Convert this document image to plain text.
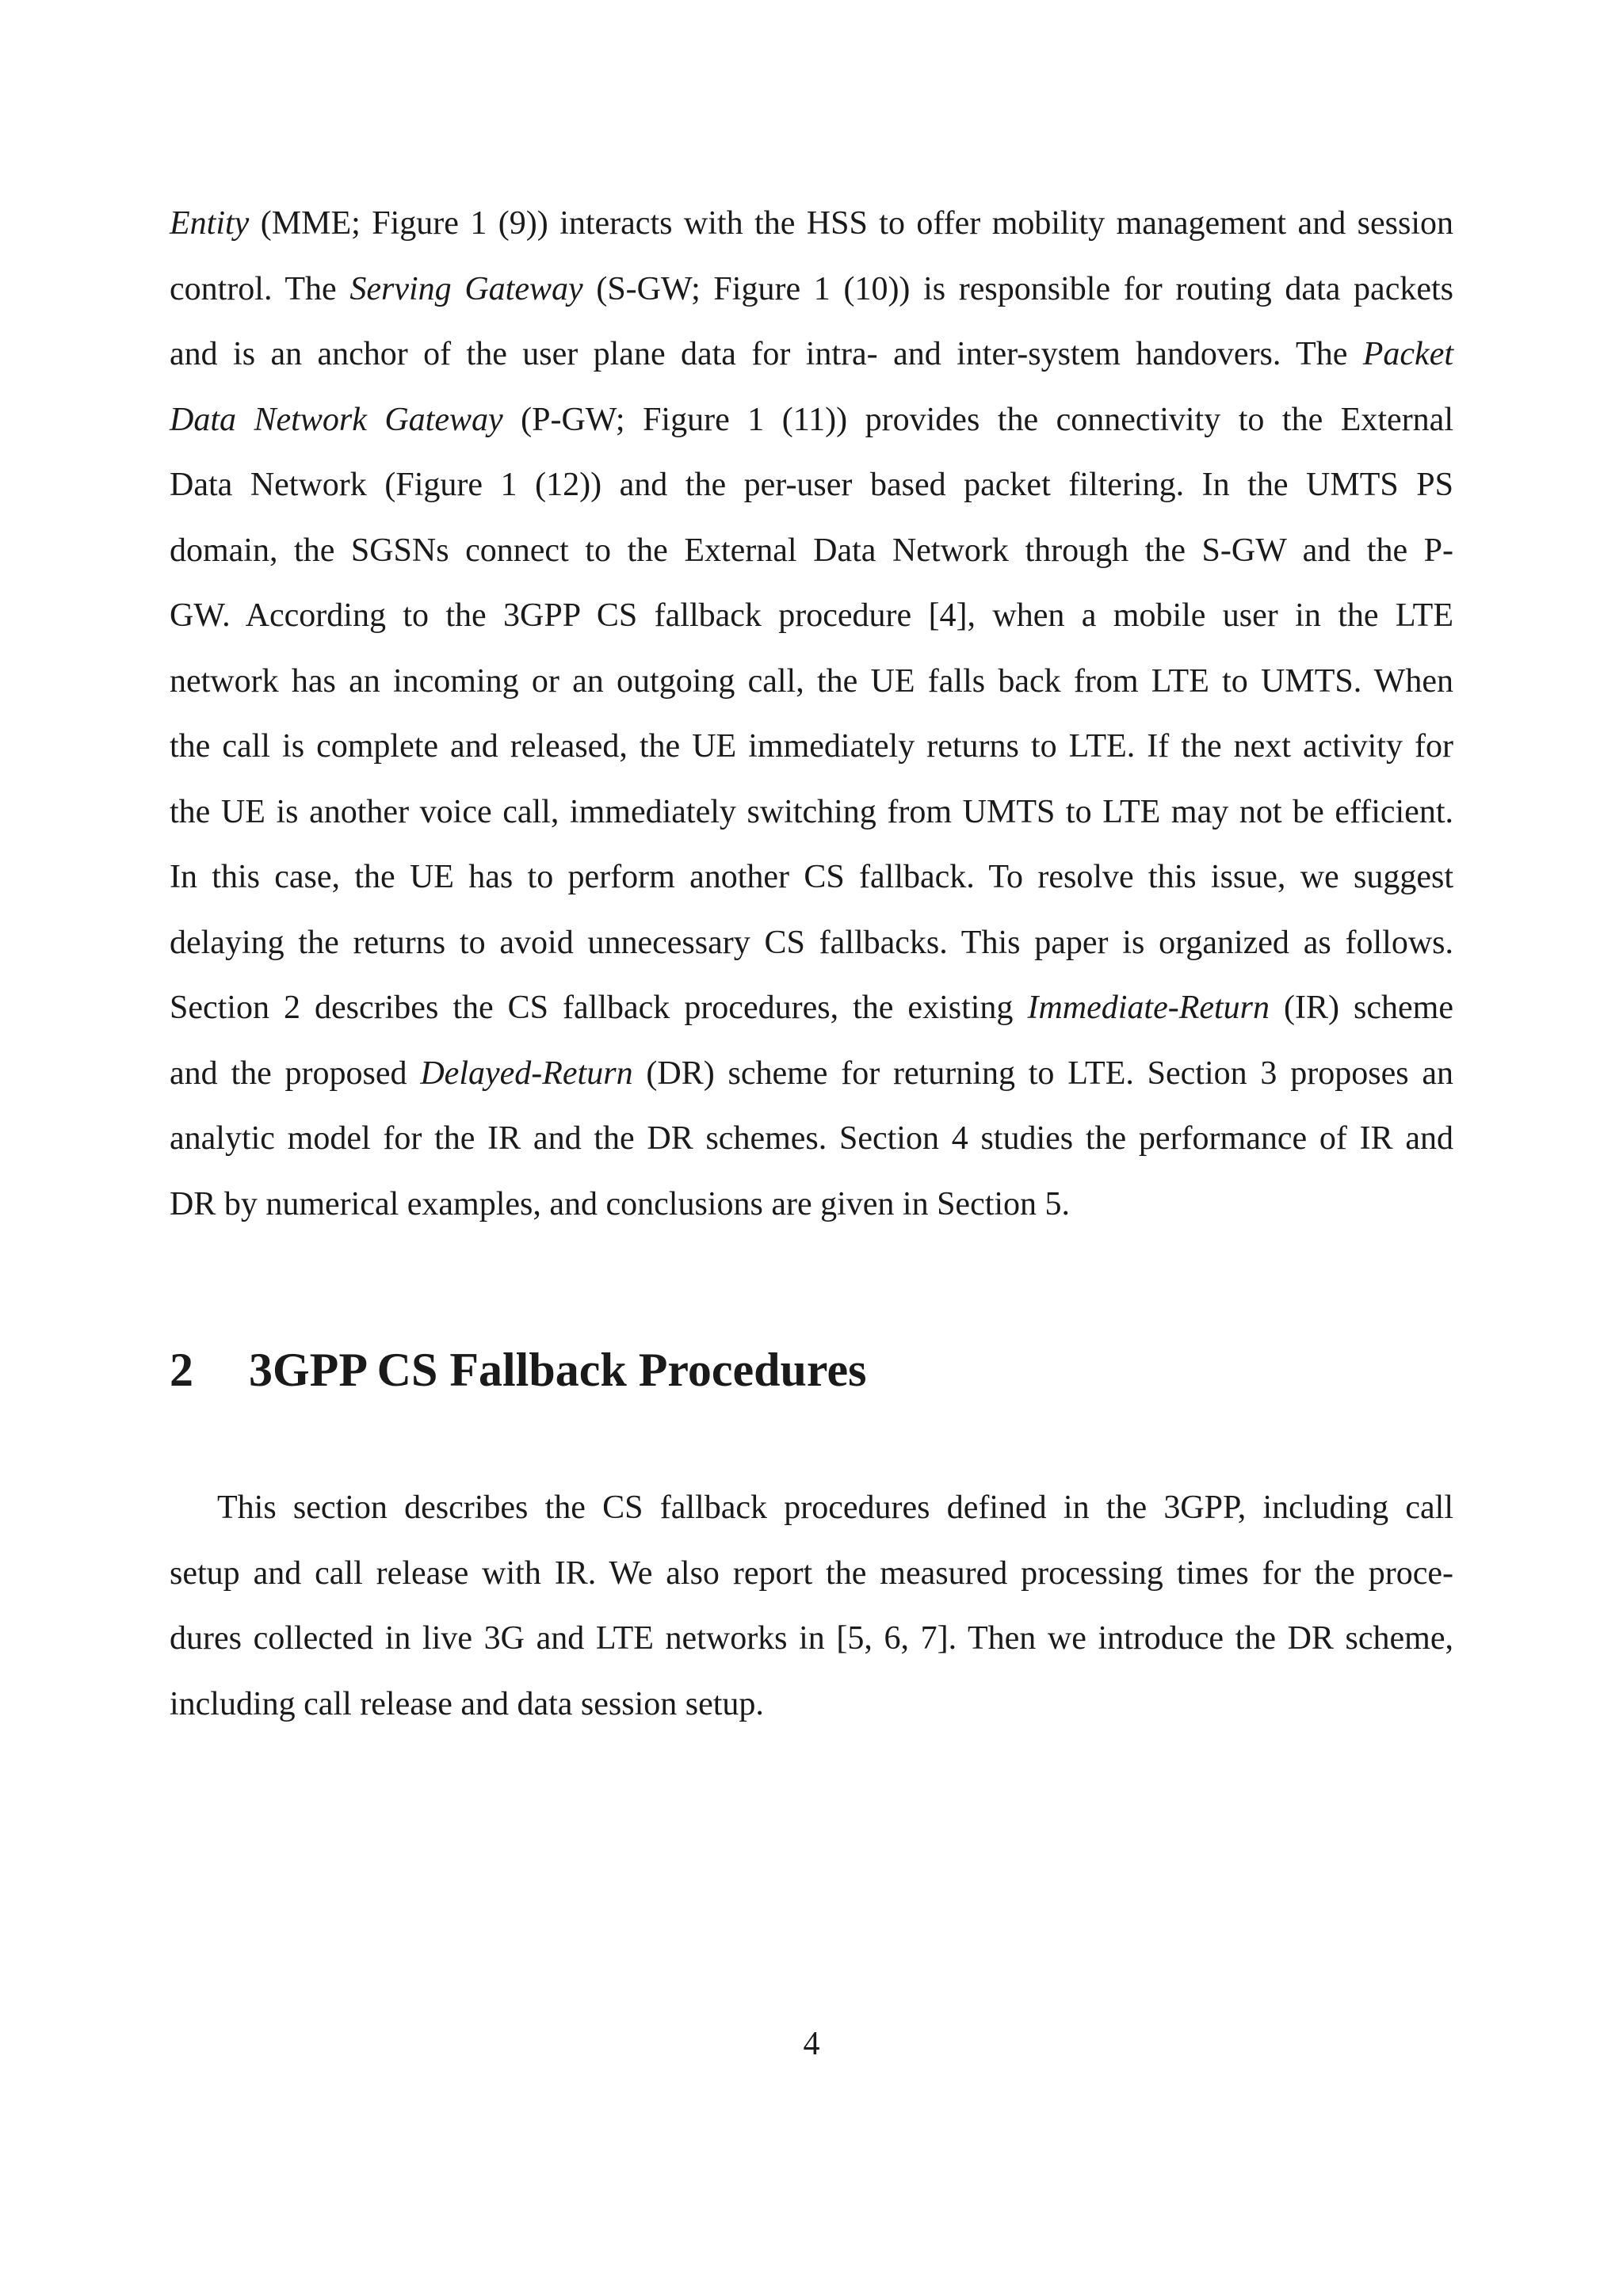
Entity (MME; Figure 1 (9)) interacts with the HSS to offer mobility management and session
control. The Serving Gateway (S-GW; Figure 1 (10)) is responsible for routing data packets
and is an anchor of the user plane data for intra- and inter-system handovers. The Packet
Data Network Gateway (P-GW; Figure 1 (11)) provides the connectivity to the External
Data Network (Figure 1 (12)) and the per-user based packet filtering. In the UMTS PS
domain, the SGSNs connect to the External Data Network through the S-GW and the P-
GW. According to the 3GPP CS fallback procedure [4], when a mobile user in the LTE
network has an incoming or an outgoing call, the UE falls back from LTE to UMTS. When
the call is complete and released, the UE immediately returns to LTE. If the next activity for
the UE is another voice call, immediately switching from UMTS to LTE may not be efficient.
In this case, the UE has to perform another CS fallback. To resolve this issue, we suggest
delaying the returns to avoid unnecessary CS fallbacks. This paper is organized as follows.
Section 2 describes the CS fallback procedures, the existing Immediate-Return (IR) scheme
and the proposed Delayed-Return (DR) scheme for returning to LTE. Section 3 proposes an
analytic model for the IR and the DR schemes. Section 4 studies the performance of IR and
DR by numerical examples, and conclusions are given in Section 5.
2 3GPP CS Fallback Procedures
This section describes the CS fallback procedures defined in the 3GPP, including call
setup and call release with IR. We also report the measured processing times for the proce-
dures collected in live 3G and LTE networks in [5, 6, 7]. Then we introduce the DR scheme,
including call release and data session setup.
4
